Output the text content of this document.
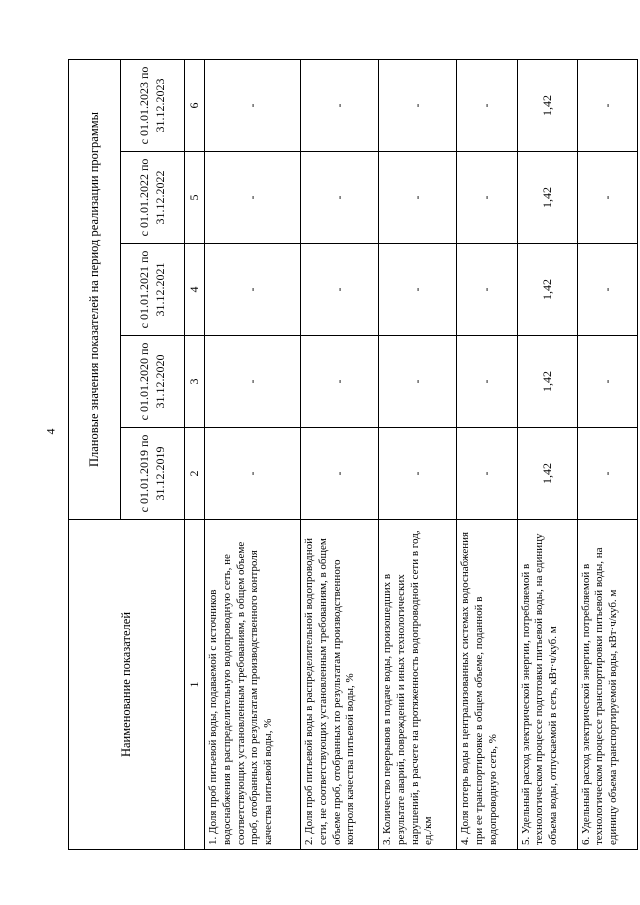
4
Наименование показателей	Плановые значения показателей на период реализации программы				
	с 01.01.2019 по 31.12.2019	с 01.01.2020 по 31.12.2020	с 01.01.2021 по 31.12.2021	с 01.01.2022 по 31.12.2022	с 01.01.2023 по 31.12.2023
1	2	3	4	5	6
1. Доля проб питьевой воды, подаваемой с источников водоснабжения в распределительную водопроводную сеть, не соответствующих установленным требованиям, в общем объеме проб, отобранных по результатам производственного контроля качества питьевой воды, %	-	-	-	-	-
2. Доля проб питьевой воды в распределительной водопроводной сети, не соответствующих установленным требованиям, в общем объеме проб, отобранных по результатам производственного контроля качества питьевой воды, %	-	-	-	-	-
3. Количество перерывов в подаче воды, произошедших в результате аварий, повреждений и иных технологических нарушений, в расчете на протяженность водопроводной сети в год, ед./км	-	-	-	-	-
4. Доля потерь воды в централизованных системах водоснабжения при ее транспортировке в общем объеме, поданной в водопроводную сеть, %	-	-	-	-	-
5. Удельный расход электрической энергии, потребляемой в технологическом процессе подготовки питьевой воды, на единицу объема воды, отпускаемой в сеть, кВт·ч/куб. м	1,42	1,42	1,42	1,42	1,42
6. Удельный расход электрической энергии, потребляемой в технологическом процессе транспортировки питьевой воды, на единицу объема транспортируемой воды, кВт·ч/куб. м	-	-	-	-	-
